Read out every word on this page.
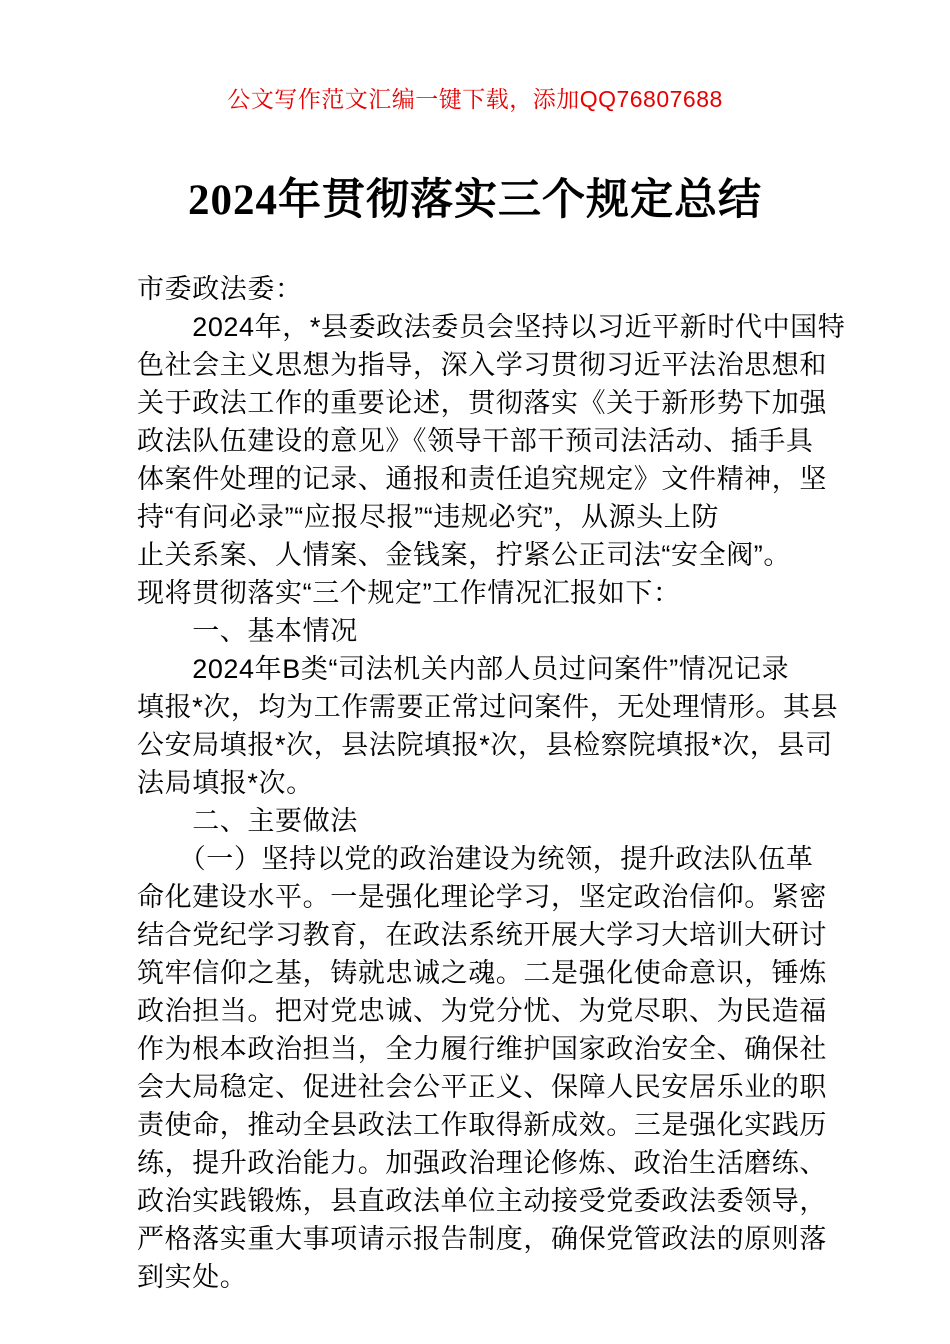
公文写作范文汇编一键下载，添加QQ76807688
2024年贯彻落实三个规定总结
市委政法委：
　　2024年，*县委政法委员会坚持以习近平新时代中国特
色社会主义思想为指导，深入学习贯彻习近平法治思想和
关于政法工作的重要论述，贯彻落实《关于新形势下加强
政法队伍建设的意见》《领导干部干预司法活动、插手具
体案件处理的记录、通报和责任追究规定》文件精神，坚
持“有问必录”“应报尽报”“违规必究”，从源头上防
止关系案、人情案、金钱案，拧紧公正司法“安全阀”。
现将贯彻落实“三个规定”工作情况汇报如下：
　　一、基本情况
　　2024年B类“司法机关内部人员过问案件”情况记录
填报*次，均为工作需要正常过问案件，无处理情形。其县
公安局填报*次，县法院填报*次，县检察院填报*次，县司
法局填报*次。
　　二、主要做法
　　（一）坚持以党的政治建设为统领，提升政法队伍革
命化建设水平。一是强化理论学习，坚定政治信仰。紧密
结合党纪学习教育，在政法系统开展大学习大培训大研讨
筑牢信仰之基，铸就忠诚之魂。二是强化使命意识，锤炼
政治担当。把对党忠诚、为党分忧、为党尽职、为民造福
作为根本政治担当，全力履行维护国家政治安全、确保社
会大局稳定、促进社会公平正义、保障人民安居乐业的职
责使命，推动全县政法工作取得新成效。三是强化实践历
练，提升政治能力。加强政治理论修炼、政治生活磨练、
政治实践锻炼，县直政法单位主动接受党委政法委领导，
严格落实重大事项请示报告制度，确保党管政法的原则落
到实处。
